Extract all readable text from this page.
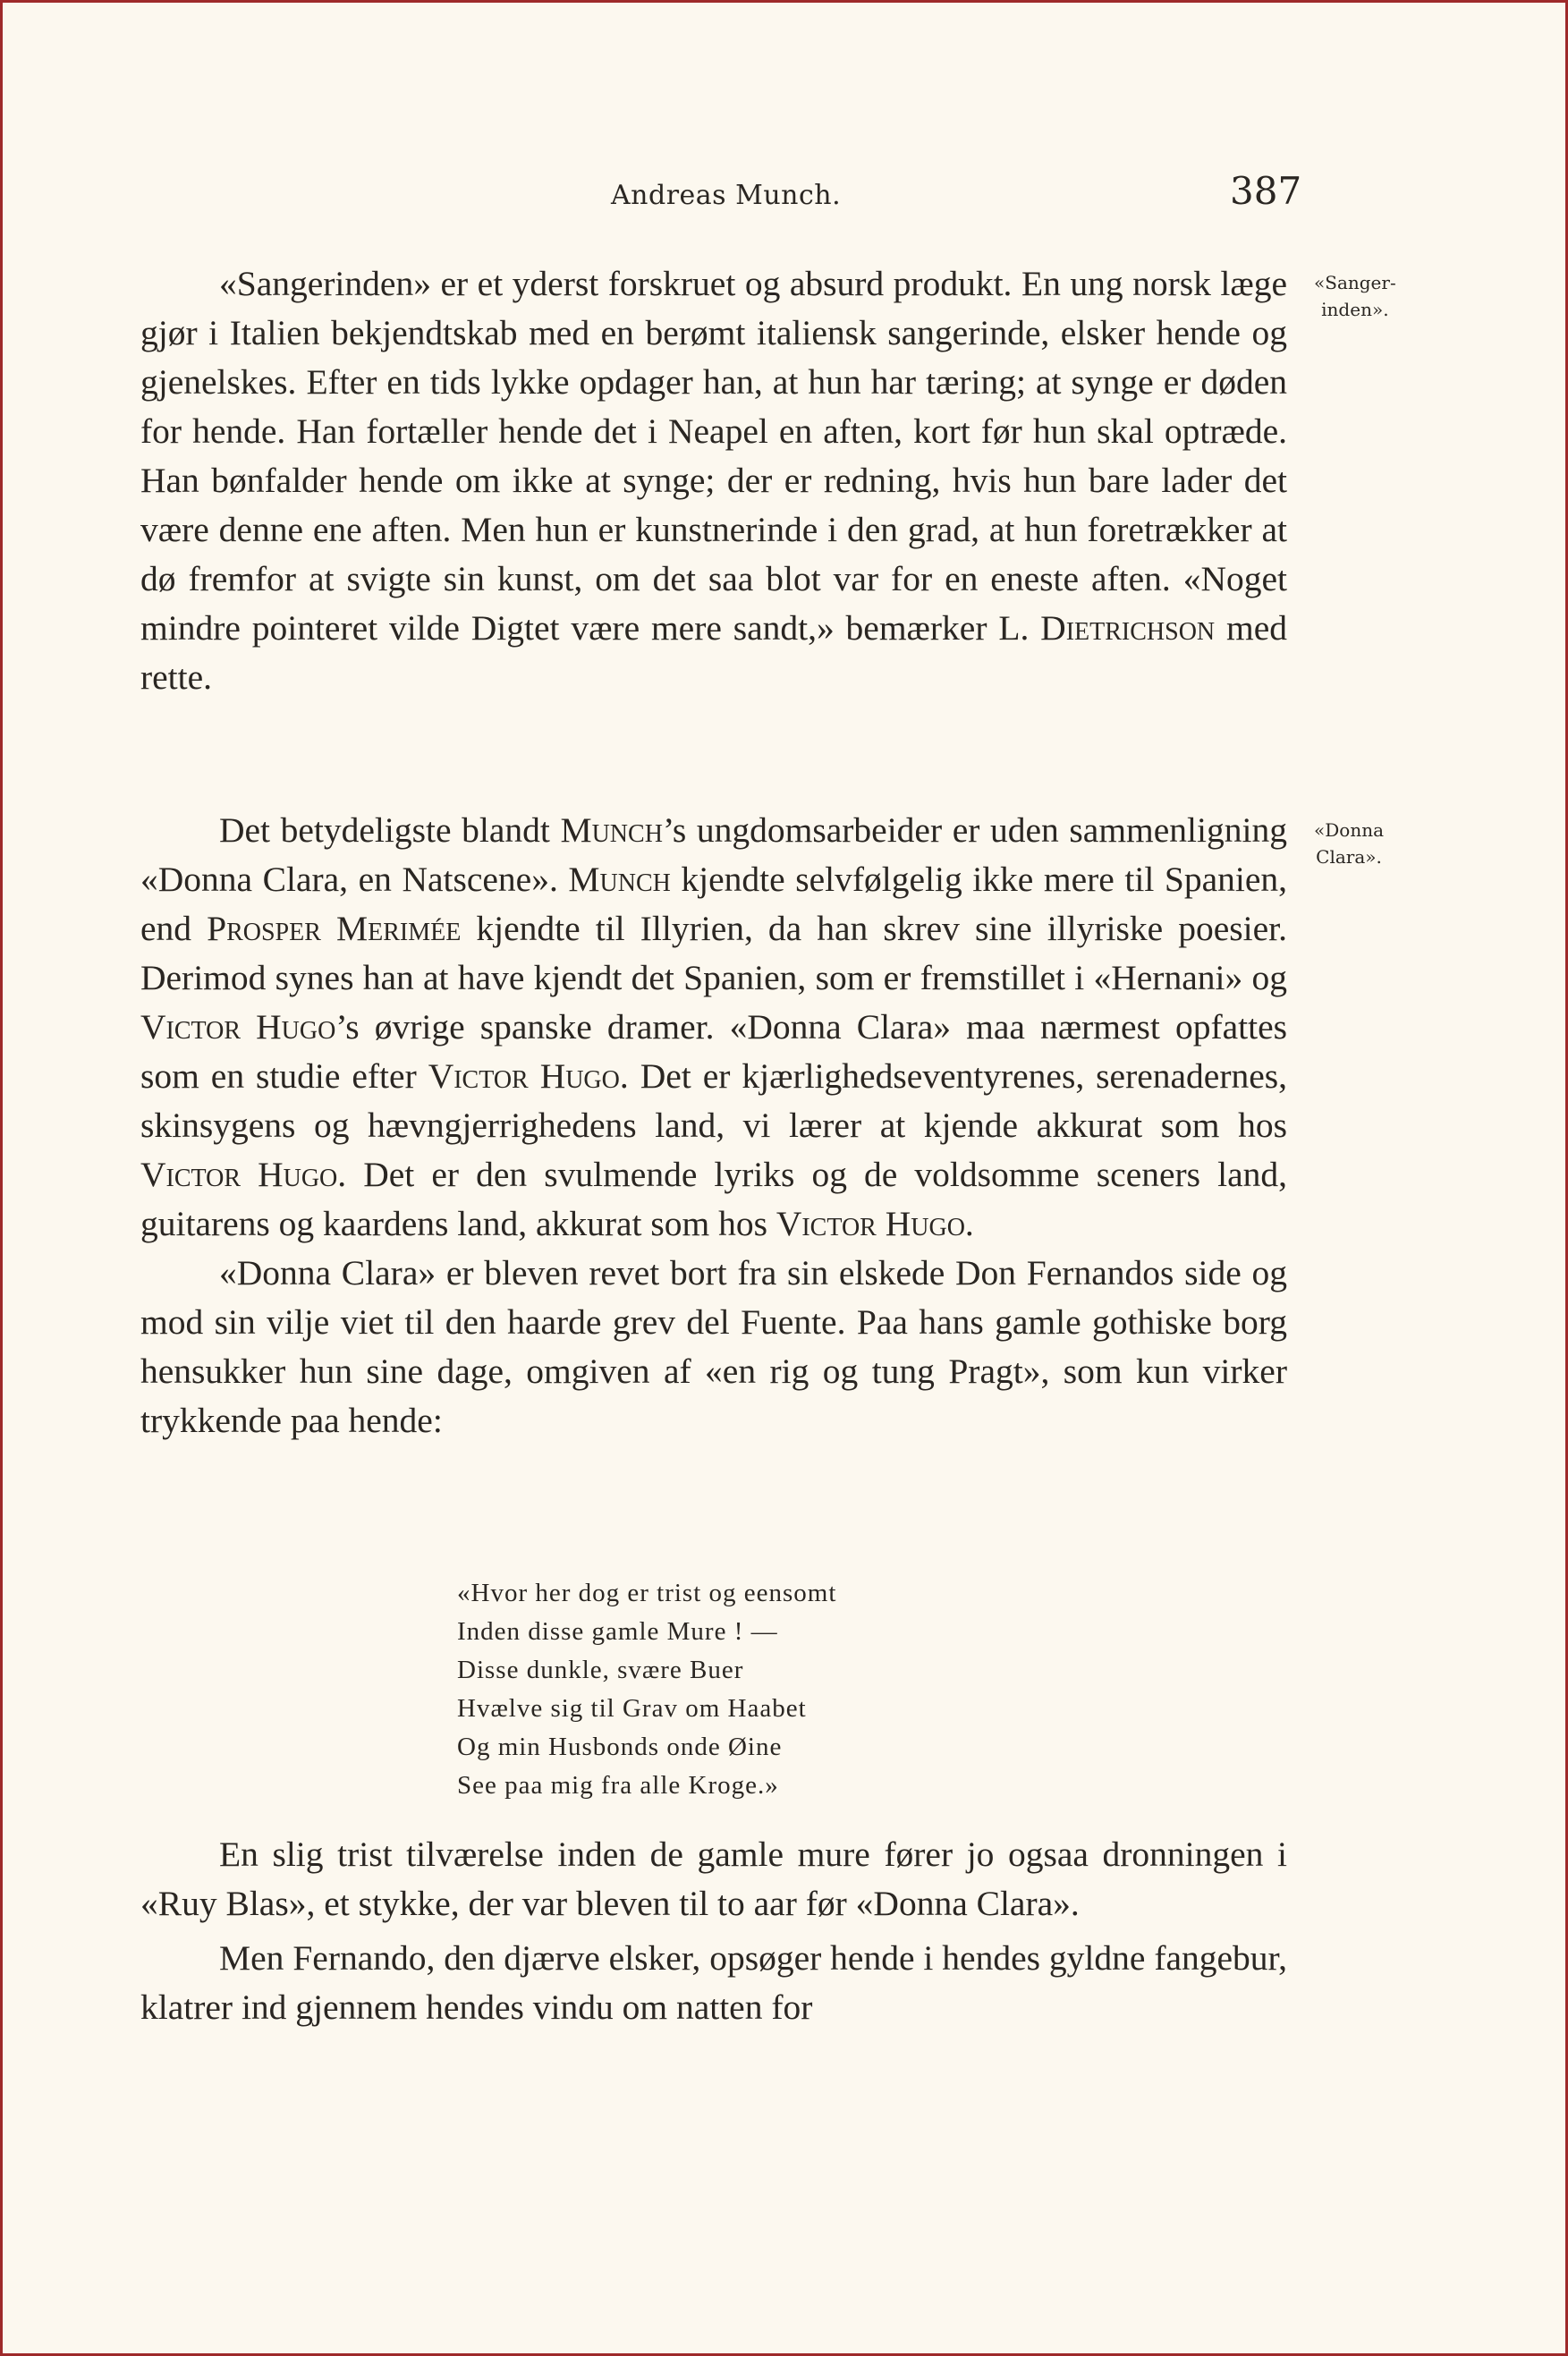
Andreas Munch.	387
«Sanger-
inden».

«Sangerinden» er et yderst forskruet og absurd produkt. En ung norsk læge gjør i Italien bekjendtskab med en berømt italiensk sangerinde, elsker hende og gjenelskes. Efter en tids lykke opdager han, at hun har tæring; at synge er døden for hende. Han fortæller hende det i Neapel en aften, kort før hun skal optræde. Han bønfalder hende om ikke at synge; der er redning, hvis hun bare lader det være denne ene aften. Men hun er kunstnerinde i den grad, at hun foretrækker at dø fremfor at svigte sin kunst, om det saa blot var for en eneste aften. «Noget mindre pointeret vilde Digtet være mere sandt,» bemærker L. Dietrichson med rette.

«Donna
Clara».

Det betydeligste blandt Munch’s ungdomsarbeider er uden sammenligning «Donna Clara, en Natscene». Munch kjendte selvfølgelig ikke mere til Spanien, end Prosper Merimée kjendte til Illyrien, da han skrev sine illyriske poesier. Derimod synes han at have kjendt det Spanien, som er fremstillet i «Hernani» og Victor Hugo’s øvrige spanske dramer. «Donna Clara» maa nærmest opfattes som en studie efter Victor Hugo. Det er kjærlighedseventyrenes, serenadernes, skinsygens og hævngjerrighedens land, vi lærer at kjende akkurat som hos Victor Hugo. Det er den svulmende lyriks og de voldsomme sceners land, guitarens og kaardens land, akkurat som hos Victor Hugo.

«Donna Clara» er bleven revet bort fra sin elskede Don Fernandos side og mod sin vilje viet til den haarde grev del Fuente. Paa hans gamle gothiske borg hensukker hun sine dage, omgiven af «en rig og tung Pragt», som kun virker trykkende paa hende:

«Hvor her dog er trist og eensomt
Inden disse gamle Mure ! —
Disse dunkle, svære Buer
Hvælve sig til Grav om Haabet
Og min Husbonds onde Øine
See paa mig fra alle Kroge.»

En slig trist tilværelse inden de gamle mure fører jo ogsaa dronningen i «Ruy Blas», et stykke, der var bleven til to aar før «Donna Clara».

Men Fernando, den djærve elsker, opsøger hende i hendes gyldne fangebur, klatrer ind gjennem hendes vindu om natten for
